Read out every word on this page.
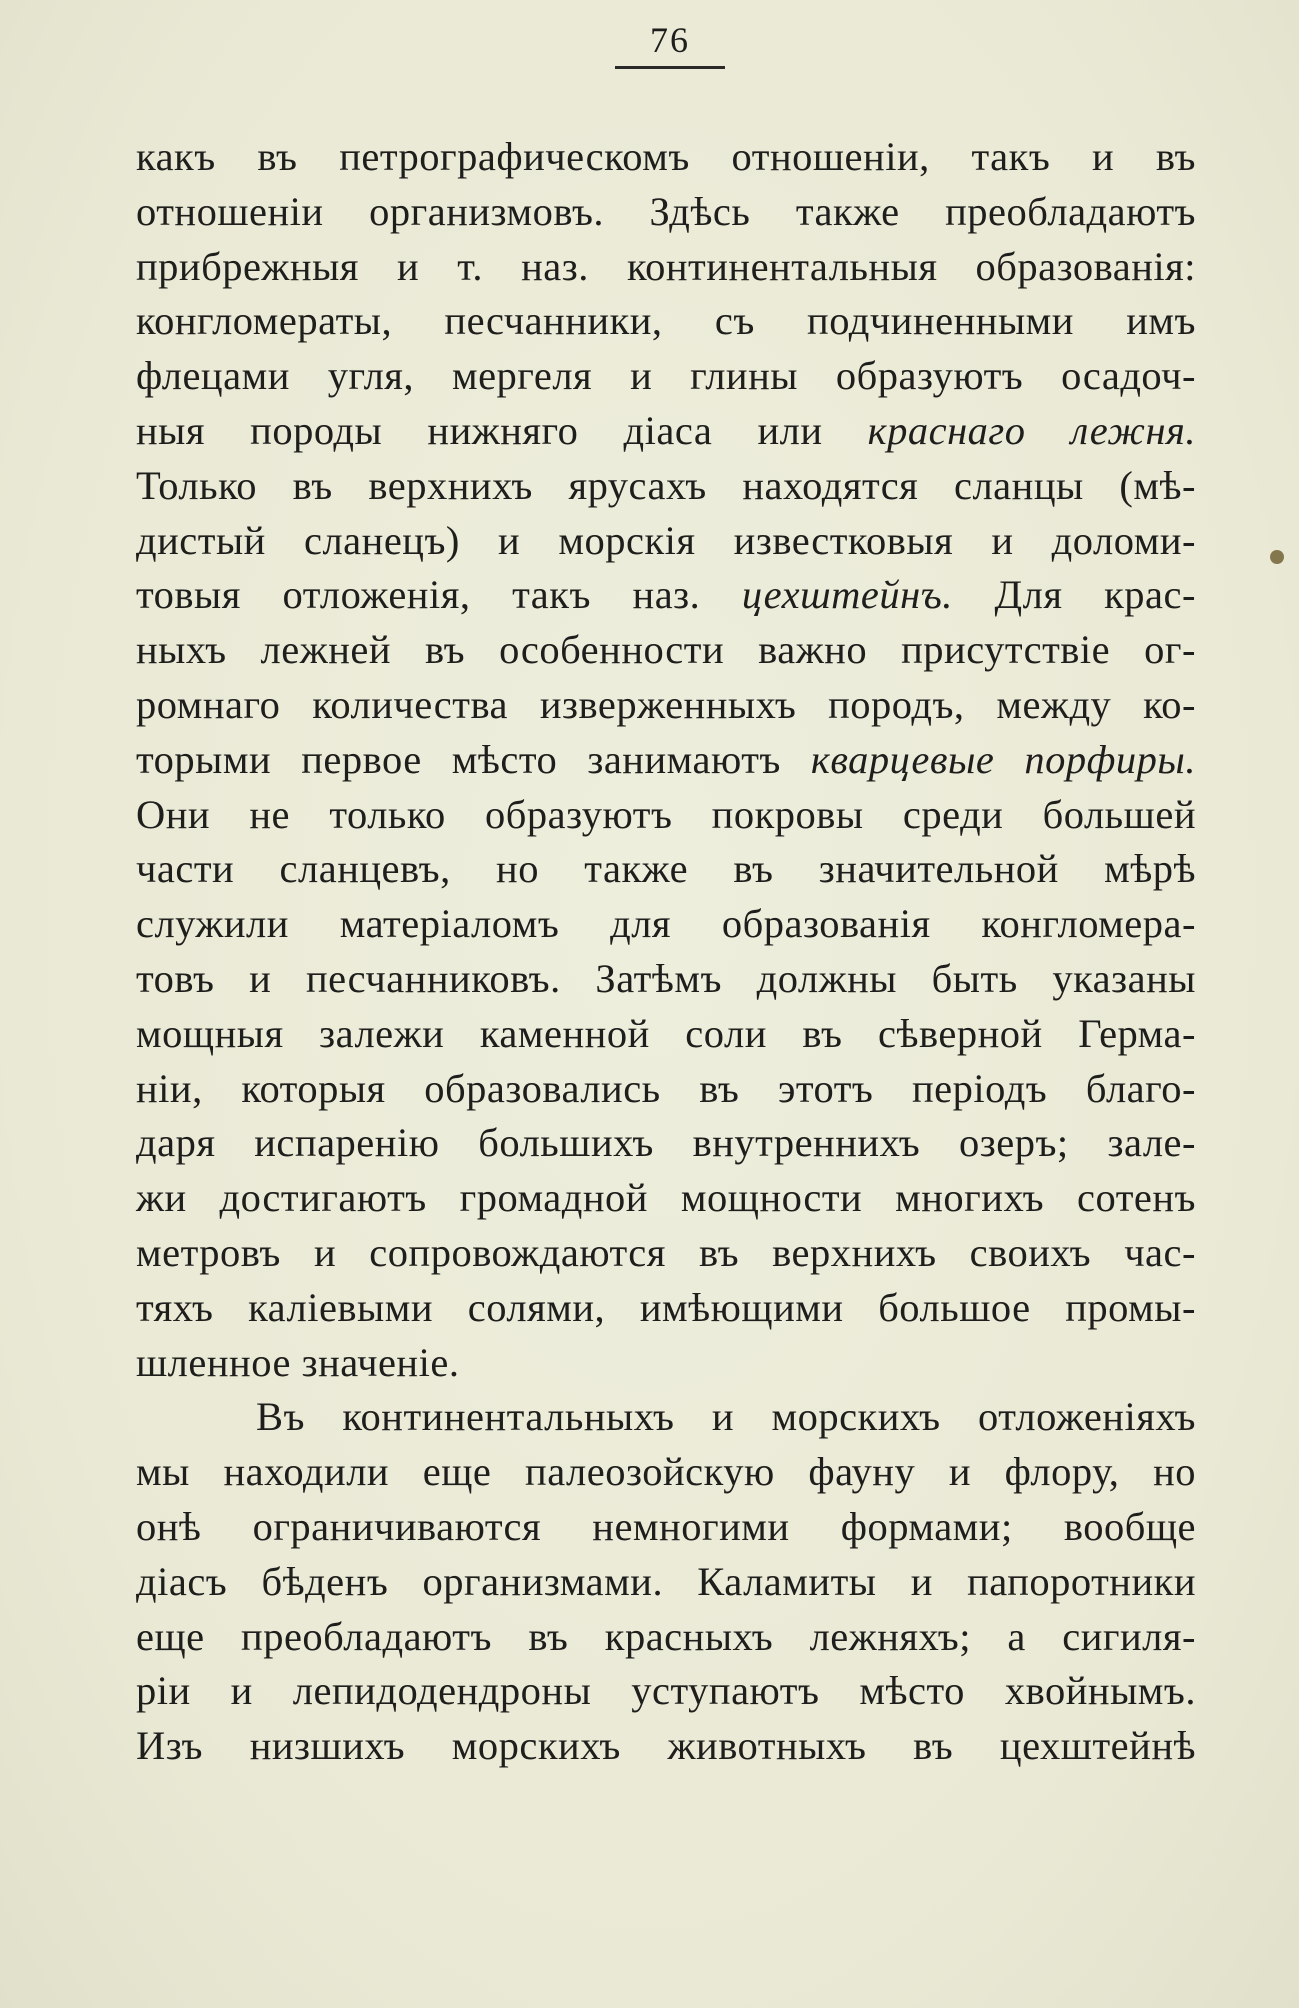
76
какъ въ петрографическомъ отношеніи, такъ и въ
отношеніи организмовъ. Здѣсь также преобладаютъ
прибрежныя и т. наз. континентальныя образованія:
конгломераты, песчанники, съ подчиненными имъ
флецами угля, мергеля и глины образуютъ осадоч-
ныя породы нижняго діаса или краснаго лежня.
Только въ верхнихъ ярусахъ находятся сланцы (мѣ-
дистый сланецъ) и морскія известковыя и доломи-
товыя отложенія, такъ наз. цехштейнъ. Для крас-
ныхъ лежней въ особенности важно присутствіе ог-
ромнаго количества изверженныхъ породъ, между ко-
торыми первое мѣсто занимаютъ кварцевые порфиры.
Они не только образуютъ покровы среди большей
части сланцевъ, но также въ значительной мѣрѣ
служили матеріаломъ для образованія конгломера-
товъ и песчанниковъ. Затѣмъ должны быть указаны
мощныя залежи каменной соли въ сѣверной Герма-
ніи, которыя образовались въ этотъ періодъ благо-
даря испаренію большихъ внутреннихъ озеръ; зале-
жи достигаютъ громадной мощности многихъ сотенъ
метровъ и сопровождаются въ верхнихъ своихъ час-
тяхъ каліевыми солями, имѣющими большое промы-
шленное значеніе.
Въ континентальныхъ и морскихъ отложеніяхъ
мы находили еще палеозойскую фауну и флору, но
онѣ ограничиваются немногими формами; вообще
діасъ бѣденъ организмами. Каламиты и папоротники
еще преобладаютъ въ красныхъ лежняхъ; а сигиля-
ріи и лепидодендроны уступаютъ мѣсто хвойнымъ.
Изъ низшихъ морскихъ животныхъ въ цехштейнѣ
